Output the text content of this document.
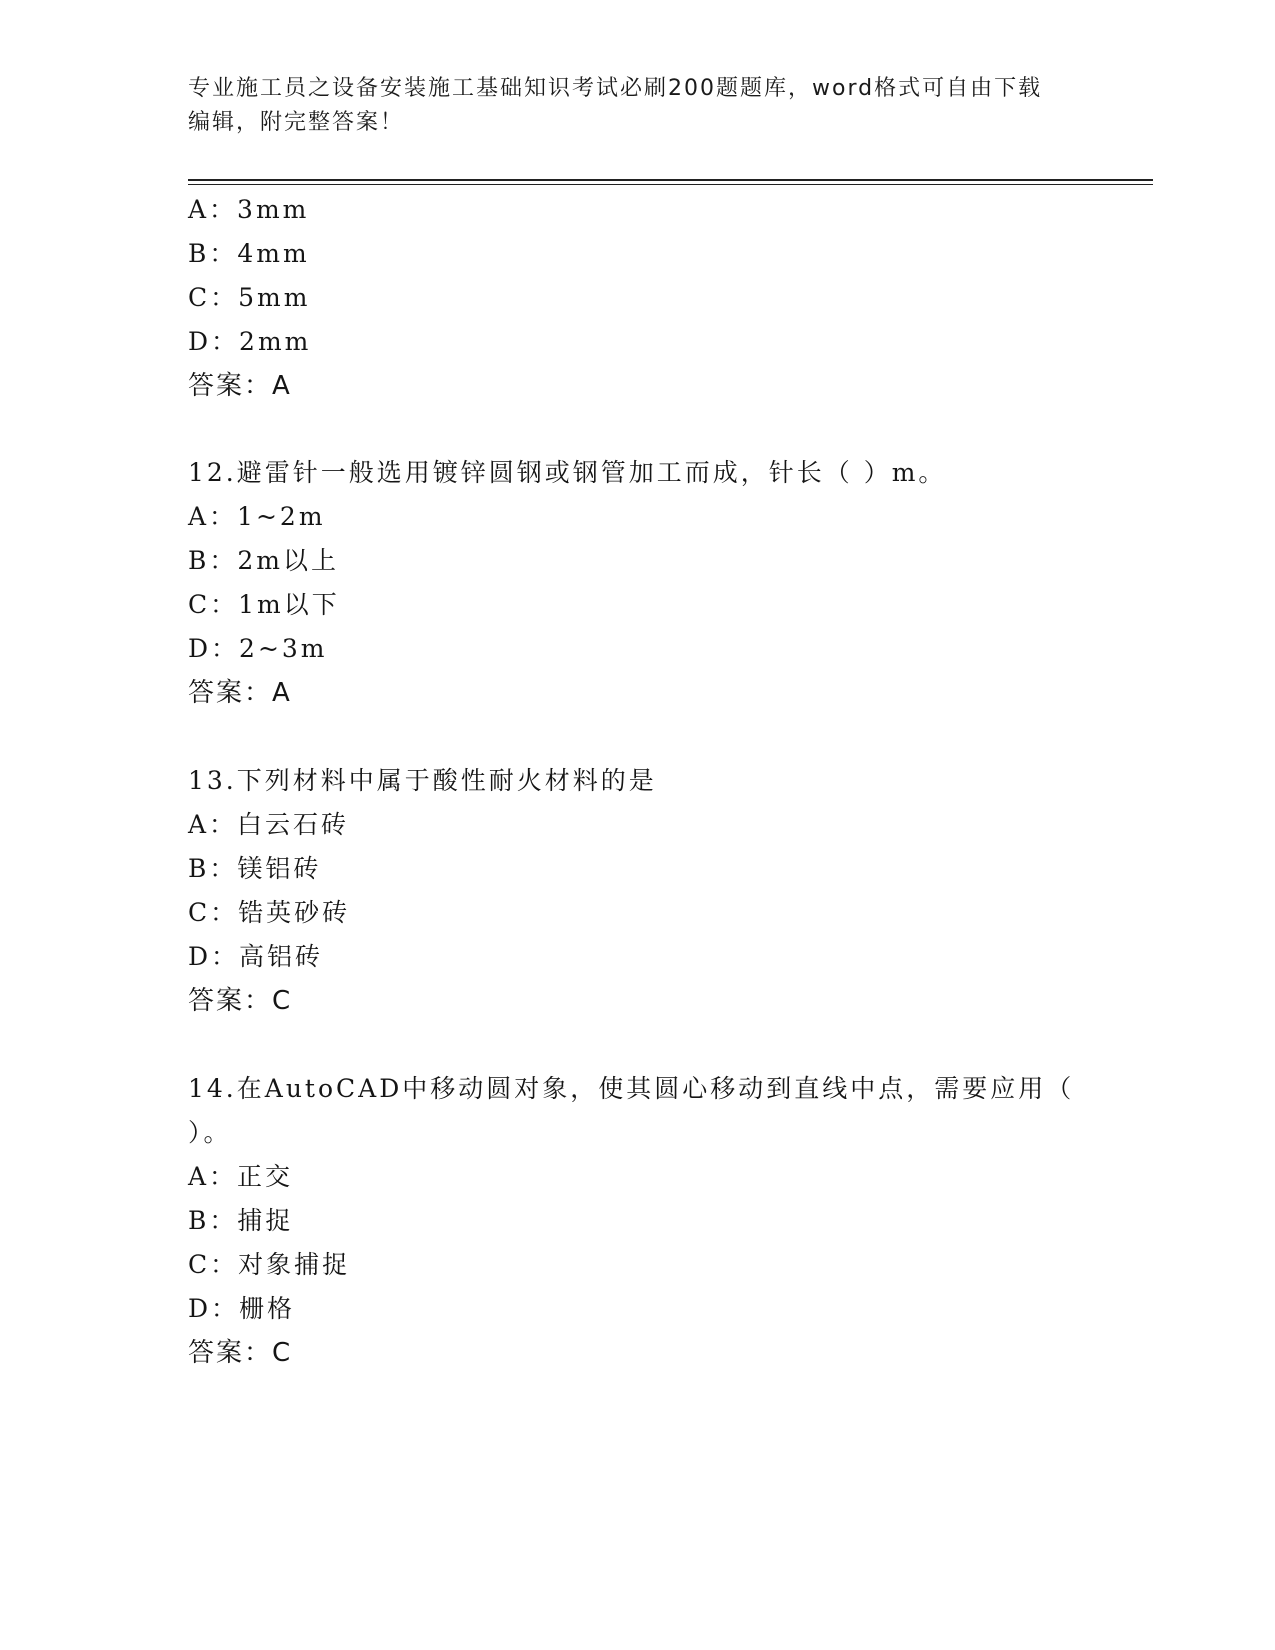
专业施工员之设备安装施工基础知识考试必刷200题题库，word格式可自由下载
编辑，附完整答案！
A：3mm
B：4mm
C：5mm
D：2mm
答案：A
12.避雷针一般选用镀锌圆钢或钢管加工而成，针长（ ）m。
A：1~2m
B：2m以上
C：1m以下
D：2~3m
答案：A
13.下列材料中属于酸性耐火材料的是
A：白云石砖
B：镁铝砖
C：锆英砂砖
D：高铝砖
答案：C
14.在AutoCAD中移动圆对象，使其圆心移动到直线中点，需要应用（
）。
A：正交
B：捕捉
C：对象捕捉
D：栅格
答案：C
